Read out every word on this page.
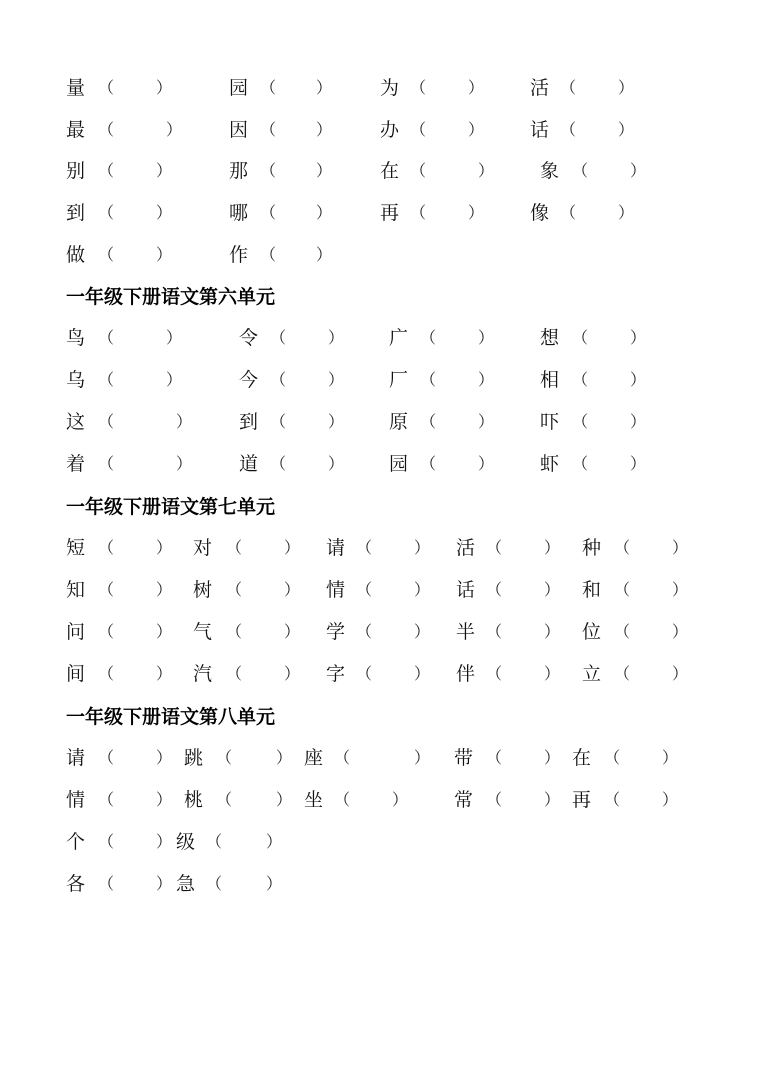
量 （	）	园 （ ）	为 （	） 活 （	）
最 （	） 因 （ ）	办 （	） 话 （	）
别 （	）	那 （ ）	在 （	） 象 （	）
到 （	）	哪 （ ）	再 （	） 像 （	）
做 （	）	作 （ ）
一年级下册语文第六单元
鸟 （	）	令 （	） 广 （	） 想 （	）
乌 （	）	今 （	） 厂 （	） 相 （	）
这 （	） 到 （	） 原 （	） 吓 （	）
着 （	） 道 （	） 园 （	） 虾 （	）
一年级下册语文第七单元
短 （	） 对 （	） 请 （	） 活 （	） 种 （	）
知 （	） 树 （	） 情 （	） 话 （	） 和 （	）
问 （	） 气 （	） 学 （	） 半 （	） 位 （	）
间 （	） 汽 （	） 字 （	） 伴 （	） 立 （	）
一年级下册语文第八单元
请 （	） 跳 （	） 座 （	） 带 （	） 在 （	）
情 （	） 桃 （	） 坐 （	） 常 （	） 再 （	）
个 （	） 级 （	）
各 （	） 急 （	）
